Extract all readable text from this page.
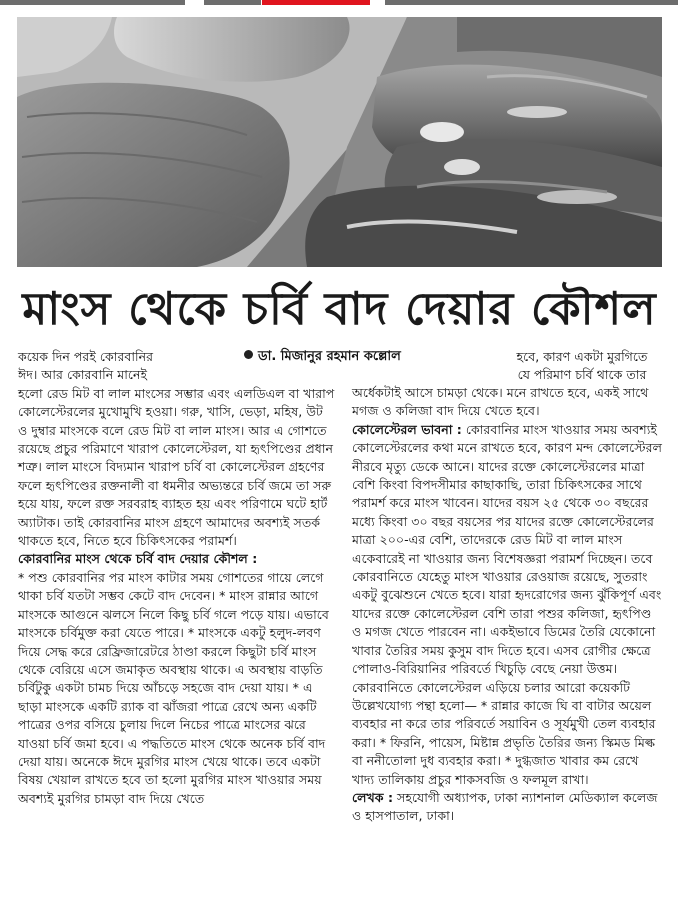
মাংস থেকে চর্বি বাদ দেয়ার কৌশল
ডা. মিজানুর রহমান কল্লোল	হবে, কারণ একটা মুরগিতে

যে পরিমাণ চর্বি থাকে তার

কয়েক দিন পরই কোরবানির

ঈদ। আর কোরবানি মানেই

হলো রেড মিট বা লাল মাংসের সম্ভার এবং এলডিএল বা খারাপ কোলেস্টেরলের মুখোমুখি হওয়া। গরু, খাসি, ভেড়া, মহিষ, উট ও দুম্বার মাংসকে বলে রেড মিট বা লাল মাংস। আর এ গোশতে রয়েছে প্রচুর পরিমাণে খারাপ কোলেস্টেরল, যা হৃৎপিণ্ডের প্রধান শত্রু। লাল মাংসে বিদ্যমান খারাপ চর্বি বা কোলেস্টেরল গ্রহণের ফলে হৃৎপিণ্ডের রক্তনালী বা ধমনীর অভ্যন্তরে চর্বি জমে তা সরু হয়ে যায়, ফলে রক্ত সরবরাহ ব্যাহত হয় এবং পরিণামে ঘটে হার্ট অ্যাটাক। তাই কোরবানির মাংস গ্রহণে আমাদের অবশ্যই সতর্ক থাকতে হবে, নিতে হবে চিকিৎসকের পরামর্শ।

কোরবানির মাংস থেকে চর্বি বাদ দেয়ার কৌশল :

* পশু কোরবানির পর মাংস কাটার সময় গোশতের গায়ে লেগে থাকা চর্বি যতটা সম্ভব কেটে বাদ দেবেন। * মাংস রান্নার আগে মাংসকে আগুনে ঝলসে নিলে কিছু চর্বি গলে পড়ে যায়। এভাবে মাংসকে চর্বিমুক্ত করা যেতে পারে। * মাংসকে একটু হলুদ-লবণ দিয়ে সেদ্ধ করে রেফ্রিজারেটরে ঠাণ্ডা করলে কিছুটা চর্বি মাংস থেকে বেরিয়ে এসে জমাকৃত অবস্থায় থাকে। এ অবস্থায় বাড়তি চর্বিটুকু একটা চামচ দিয়ে আঁচড়ে সহজে বাদ দেয়া যায়। * এ ছাড়া মাংসকে একটি র‍্যাক বা ঝাঁজরা পাত্রে রেখে অন্য একটি পাত্রের ওপর বসিয়ে চুলায় দিলে নিচের পাত্রে মাংসের ঝরে যাওয়া চর্বি জমা হবে। এ পদ্ধতিতে মাংস থেকে অনেক চর্বি বাদ দেয়া যায়। অনেকে ঈদে মুরগির মাংস খেয়ে থাকে। তবে একটা বিষয় খেয়াল রাখতে হবে তা হলো মুরগির মাংস খাওয়ার সময় অবশ্যই মুরগির চামড়া বাদ দিয়ে খেতে

অর্ধেকটাই আসে চামড়া থেকে। মনে রাখতে হবে, একই সাথে মগজ ও কলিজা বাদ দিয়ে খেতে হবে।

কোলেস্টেরল ভাবনা : কোরবানির মাংস খাওয়ার সময় অবশ্যই কোলেস্টেরলের কথা মনে রাখতে হবে, কারণ মন্দ কোলেস্টেরল নীরবে মৃত্যু ডেকে আনে। যাদের রক্তে কোলেস্টেরলের মাত্রা বেশি কিংবা বিপদসীমার কাছাকাছি, তারা চিকিৎসকের সাথে পরামর্শ করে মাংস খাবেন। যাদের বয়স ২৫ থেকে ৩০ বছরের মধ্যে কিংবা ৩০ বছর বয়সের পর যাদের রক্তে কোলেস্টেরলের মাত্রা ২০০-এর বেশি, তাদেরকে রেড মিট বা লাল মাংস একেবারেই না খাওয়ার জন্য বিশেষজ্ঞরা পরামর্শ দিচ্ছেন। তবে কোরবানিতে যেহেতু মাংস খাওয়ার রেওয়াজ রয়েছে, সুতরাং একটু বুঝেশুনে খেতে হবে। যারা হৃদরোগের জন্য ঝুঁকিপূর্ণ এবং যাদের রক্তে কোলেস্টেরল বেশি তারা পশুর কলিজা, হৃৎপিণ্ড ও মগজ খেতে পারবেন না। একইভাবে ডিমের তৈরি যেকোনো খাবার তৈরির সময় কুসুম বাদ দিতে হবে। এসব রোগীর ক্ষেত্রে পোলাও-বিরিয়ানির পরিবর্তে খিচুড়ি বেছে নেয়া উত্তম। কোরবানিতে কোলেস্টেরল এড়িয়ে চলার আরো কয়েকটি উল্লেখযোগ্য পন্থা হলো— * রান্নার কাজে ঘি বা বাটার অয়েল ব্যবহার না করে তার পরিবর্তে সয়াবিন ও সূর্যমুখী তেল ব্যবহার করা। * ফিরনি, পায়েস, মিষ্টান্ন প্রভৃতি তৈরির জন্য স্কিমড মিল্ক বা ননীতোলা দুধ ব্যবহার করা। * দুগ্ধজাত খাবার কম রেখে খাদ্য তালিকায় প্রচুর শাকসবজি ও ফলমূল রাখা।

লেখক : সহযোগী অধ্যাপক, ঢাকা ন্যাশনাল মেডিক্যাল কলেজ ও হাসপাতাল, ঢাকা।
